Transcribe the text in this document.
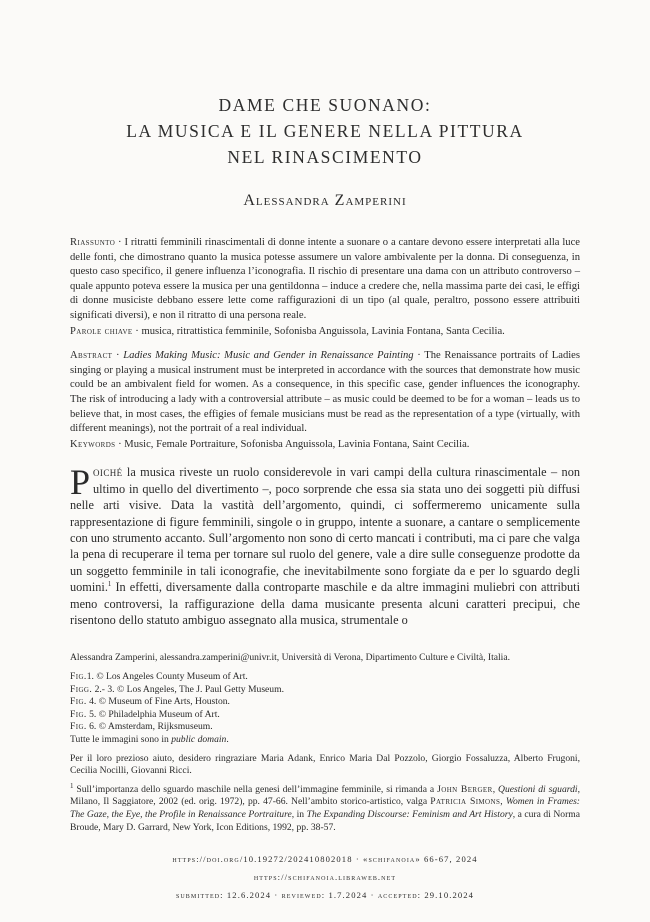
DAME CHE SUONANO:
LA MUSICA E IL GENERE NELLA PITTURA
NEL RINASCIMENTO
Alessandra Zamperini

Riassunto · I ritratti femminili rinascimentali di donne intente a suonare o a cantare devono essere interpretati alla luce delle fonti, che dimostrano quanto la musica potesse assumere un valore ambivalente per la donna. Di conseguenza, in questo caso specifico, il genere influenza l’iconografia. Il rischio di presentare una dama con un attributo controverso – quale appunto poteva essere la musica per una gentildonna – induce a credere che, nella massima parte dei casi, le effigi di donne musiciste debbano essere lette come raffigurazioni di un tipo (al quale, peraltro, possono essere attribuiti significati diversi), e non il ritratto di una persona reale.

Parole chiave · musica, ritrattistica femminile, Sofonisba Anguissola, Lavinia Fontana, Santa Cecilia.

Abstract · Ladies Making Music: Music and Gender in Renaissance Painting · The Renaissance portraits of Ladies singing or playing a musical instrument must be interpreted in accordance with the sources that demonstrate how music could be an ambivalent field for women. As a consequence, in this specific case, gender influences the iconography. The risk of introducing a lady with a controversial attribute – as music could be deemed to be for a woman – leads us to believe that, in most cases, the effigies of female musicians must be read as the representation of a type (virtually, with different meanings), not the portrait of a real individual.

Keywords · Music, Female Portraiture, Sofonisba Anguissola, Lavinia Fontana, Saint Cecilia.

Poiché la musica riveste un ruolo considerevole in vari campi della cultura rinascimentale – non ultimo in quello del divertimento –, poco sorprende che essa sia stata uno dei soggetti più diffusi nelle arti visive. Data la vastità dell’argomento, quindi, ci soffermeremo unicamente sulla rappresentazione di figure femminili, singole o in gruppo, intente a suonare, a cantare o semplicemente con uno strumento accanto. Sull’argomento non sono di certo mancati i contributi, ma ci pare che valga la pena di recuperare il tema per tornare sul ruolo del genere, vale a dire sulle conseguenze prodotte da un soggetto femminile in tali iconografie, che inevitabilmente sono forgiate da e per lo sguardo degli uomini.$^1$ In effetti, diversamente dalla controparte maschile e da altre immagini muliebri con attributi meno controversi, la raffigurazione della dama musicante presenta alcuni caratteri precipui, che risentono dello statuto ambiguo assegnato alla musica, strumentale o

Alessandra Zamperini, alessandra.zamperini@univr.it, Università di Verona, Dipartimento Culture e Civiltà, Italia.

Fig.1. © Los Angeles County Museum of Art.

Figg. 2.- 3. © Los Angeles, The J. Paul Getty Museum.

Fig. 4. © Museum of Fine Arts, Houston.

Fig. 5. © Philadelphia Museum of Art.

Fig. 6. © Amsterdam, Rijksmuseum.

Tutte le immagini sono in public domain.

Per il loro prezioso aiuto, desidero ringraziare Maria Adank, Enrico Maria Dal Pozzolo, Giorgio Fossaluzza, Alberto Frugoni, Cecilia Nocilli, Giovanni Ricci.

$^1$ Sull’importanza dello sguardo maschile nella genesi dell’immagine femminile, si rimanda a John Berger, Questioni di sguardi, Milano, Il Saggiatore, 2002 (ed. orig. 1972), pp. 47-66. Nell’ambito storico-artistico, valga Patricia Simons, Women in Frames: The Gaze, the Eye, the Profile in Renaissance Portraiture, in The Expanding Discourse: Feminism and Art History, a cura di Norma Broude, Mary D. Garrard, New York, Icon Editions, 1992, pp. 38-57.

https://doi.org/10.19272/202410802018 · «schifanoia» 66-67, 2024
https://schifanoia.libraweb.net
submitted: 12.6.2024 · reviewed: 1.7.2024 · accepted: 29.10.2024
